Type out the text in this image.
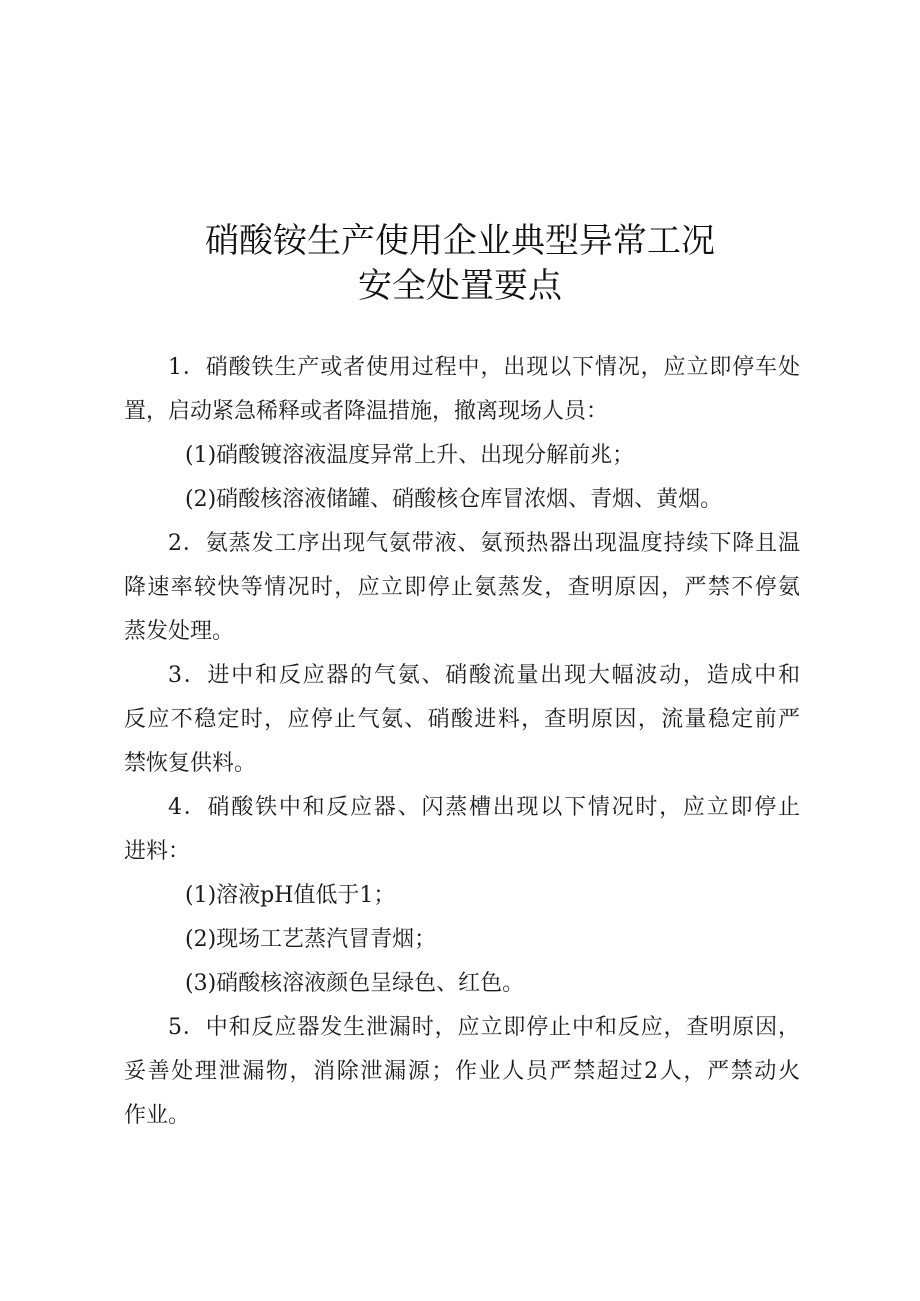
硝酸铵生产使用企业典型异常工况
安全处置要点
1．硝酸铁生产或者使用过程中，出现以下情况，应立即停车处
置，启动紧急稀释或者降温措施，撤离现场人员：
(1)硝酸镀溶液温度异常上升、出现分解前兆；
(2)硝酸核溶液储罐、硝酸核仓库冒浓烟、青烟、黄烟。
2．氨蒸发工序出现气氨带液、氨预热器出现温度持续下降且温
降速率较快等情况时，应立即停止氨蒸发，查明原因，严禁不停氨
蒸发处理。
3．进中和反应器的气氨、硝酸流量出现大幅波动，造成中和
反应不稳定时，应停止气氨、硝酸进料，查明原因，流量稳定前严
禁恢复供料。
4．硝酸铁中和反应器、闪蒸槽出现以下情况时，应立即停止
进料：
(1)溶液pH值低于1；
(2)现场工艺蒸汽冒青烟；
(3)硝酸核溶液颜色呈绿色、红色。
5．中和反应器发生泄漏时，应立即停止中和反应，查明原因，
妥善处理泄漏物，消除泄漏源；作业人员严禁超过2人，严禁动火
作业。
